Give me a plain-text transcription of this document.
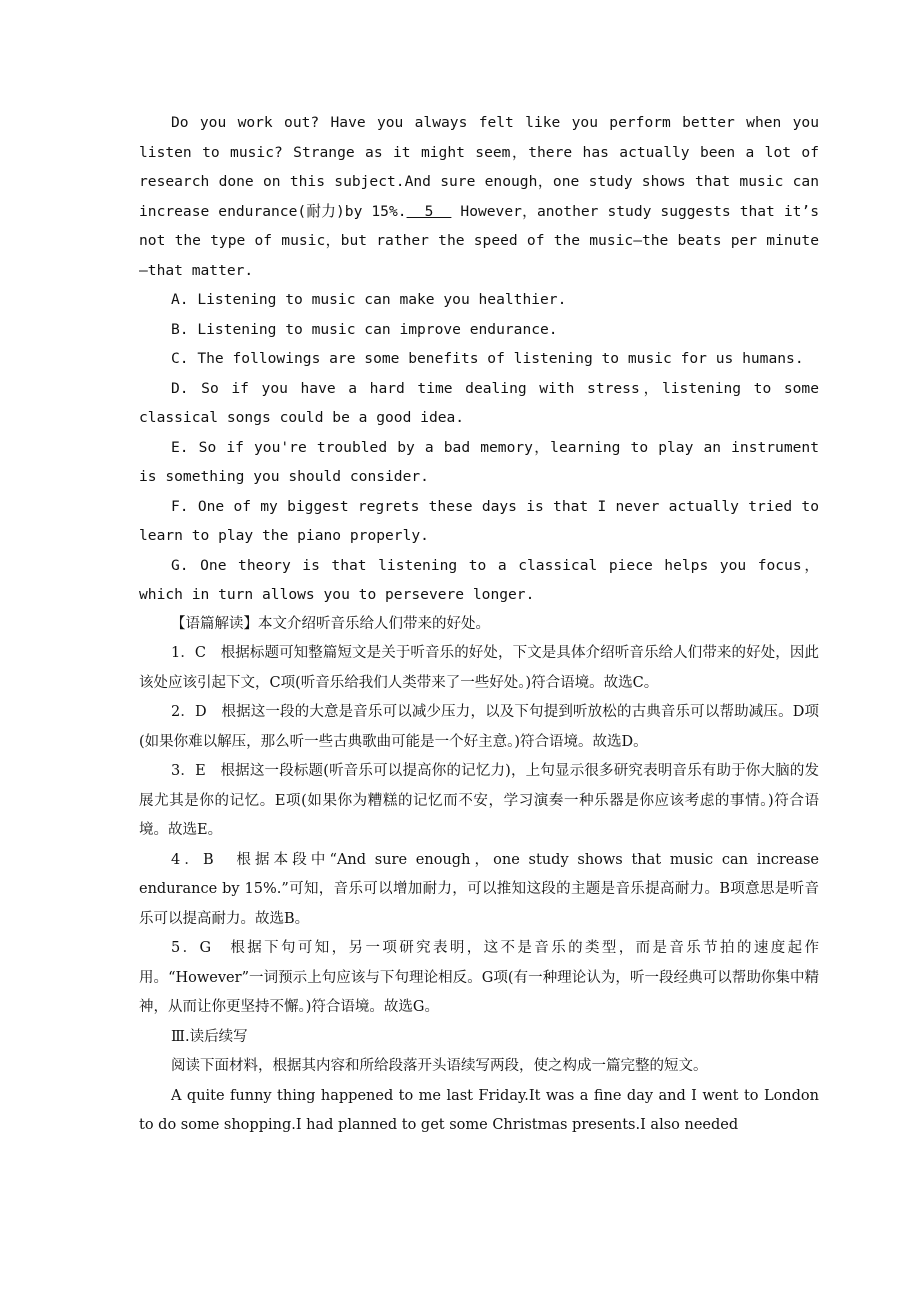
Do you work out? Have you always felt like you perform better when you listen to music? Strange as it might seem，there has actually been a lot of research done on this subject.And sure enough，one study shows that music can increase endurance(耐力)by 15%.  5   However，another study suggests that it’s not the type of music，but rather the speed of the music—the beats per minute—that matter.

A. Listening to music can make you healthier.

B. Listening to music can improve endurance.

C. The followings are some benefits of listening to music for us humans.

D. So if you have a hard time dealing with stress，listening to some classical songs could be a good idea.

E. So if you're troubled by a bad memory，learning to play an instrument is something you should consider.

F. One of my biggest regrets these days is that I never actually tried to learn to play the piano properly.

G. One theory is that listening to a classical piece helps you focus，which in turn allows you to persevere longer.

【语篇解读】本文介绍听音乐给人们带来的好处。

1．C　根据标题可知整篇短文是关于听音乐的好处，下文是具体介绍听音乐给人们带来的好处，因此该处应该引起下文，C项(听音乐给我们人类带来了一些好处。)符合语境。故选C。

2．D　根据这一段的大意是音乐可以减少压力，以及下句提到听放松的古典音乐可以帮助减压。D项(如果你难以解压，那么听一些古典歌曲可能是一个好主意。)符合语境。故选D。

3．E　根据这一段标题(听音乐可以提高你的记忆力)，上句显示很多研究表明音乐有助于你大脑的发展尤其是你的记忆。E项(如果你为糟糕的记忆而不安，学习演奏一种乐器是你应该考虑的事情。)符合语境。故选E。

4．B　根据本段中“And sure enough，one study shows that music can increase endurance by 15%.”可知，音乐可以增加耐力，可以推知这段的主题是音乐提高耐力。B项意思是听音乐可以提高耐力。故选B。

5．G　根据下句可知，另一项研究表明，这不是音乐的类型，而是音乐节拍的速度起作用。“However”一词预示上句应该与下句理论相反。G项(有一种理论认为，听一段经典可以帮助你集中精神，从而让你更坚持不懈。)符合语境。故选G。

Ⅲ.读后续写

阅读下面材料，根据其内容和所给段落开头语续写两段，使之构成一篇完整的短文。

A quite funny thing happened to me last Friday.It was a fine day and I went to London to do some shopping.I had planned to get some Christmas presents.I also needed
